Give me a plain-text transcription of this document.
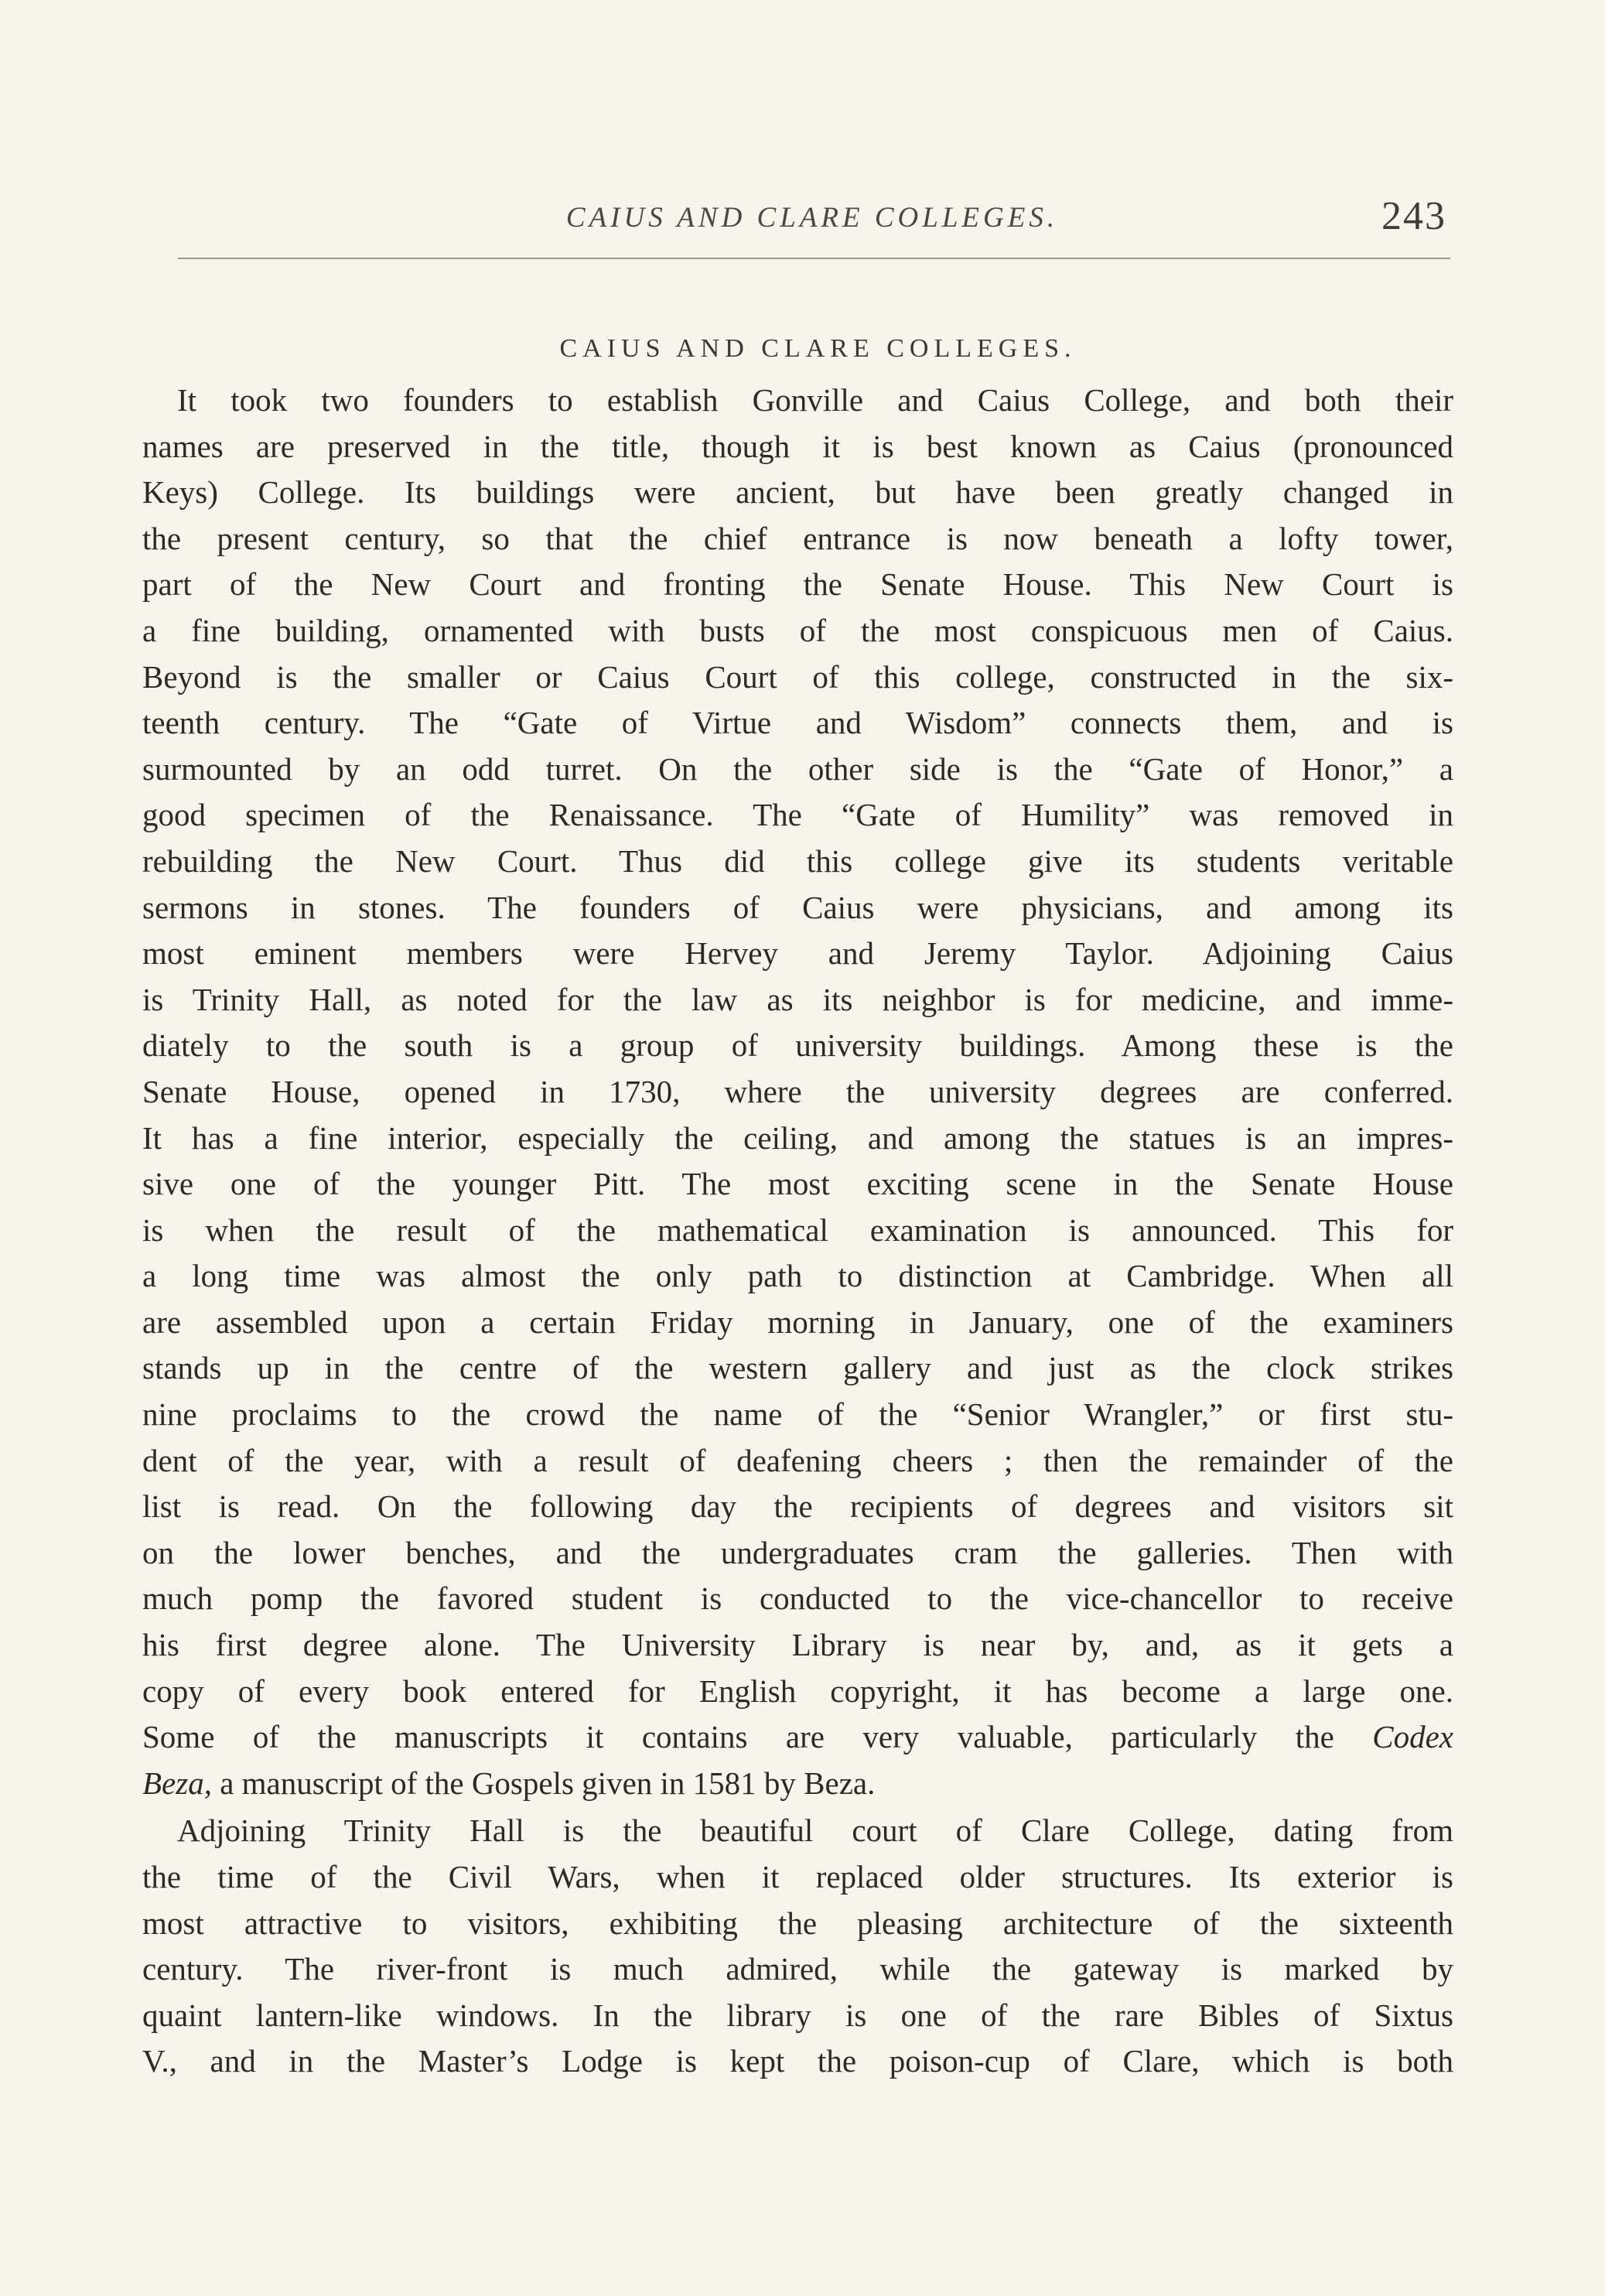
CAIUS AND CLARE COLLEGES.	243
CAIUS AND CLARE COLLEGES.
It took two founders to establish Gonville and Caius College, and both their
names are preserved in the title, though it is best known as Caius (pronounced
Keys) College. Its buildings were ancient, but have been greatly changed in
the present century, so that the chief entrance is now beneath a lofty tower,
part of the New Court and fronting the Senate House. This New Court is
a fine building, ornamented with busts of the most conspicuous men of Caius.
Beyond is the smaller or Caius Court of this college, constructed in the six-
teenth century. The “Gate of Virtue and Wisdom” connects them, and is
surmounted by an odd turret. On the other side is the “Gate of Honor,” a
good specimen of the Renaissance. The “Gate of Humility” was removed in
rebuilding the New Court. Thus did this college give its students veritable
sermons in stones. The founders of Caius were physicians, and among its
most eminent members were Hervey and Jeremy Taylor. Adjoining Caius
is Trinity Hall, as noted for the law as its neighbor is for medicine, and imme-
diately to the south is a group of university buildings. Among these is the
Senate House, opened in 1730, where the university degrees are conferred.
It has a fine interior, especially the ceiling, and among the statues is an impres-
sive one of the younger Pitt. The most exciting scene in the Senate House
is when the result of the mathematical examination is announced. This for
a long time was almost the only path to distinction at Cambridge. When all
are assembled upon a certain Friday morning in January, one of the examiners
stands up in the centre of the western gallery and just as the clock strikes
nine proclaims to the crowd the name of the “Senior Wrangler,” or first stu-
dent of the year, with a result of deafening cheers ; then the remainder of the
list is read. On the following day the recipients of degrees and visitors sit
on the lower benches, and the undergraduates cram the galleries. Then with
much pomp the favored student is conducted to the vice-chancellor to receive
his first degree alone. The University Library is near by, and, as it gets a
copy of every book entered for English copyright, it has become a large one.
Some of the manuscripts it contains are very valuable, particularly the Codex
Beza, a manuscript of the Gospels given in 1581 by Beza.
Adjoining Trinity Hall is the beautiful court of Clare College, dating from
the time of the Civil Wars, when it replaced older structures. Its exterior is
most attractive to visitors, exhibiting the pleasing architecture of the sixteenth
century. The river-front is much admired, while the gateway is marked by
quaint lantern-like windows. In the library is one of the rare Bibles of Sixtus
V., and in the Master’s Lodge is kept the poison-cup of Clare, which is both
